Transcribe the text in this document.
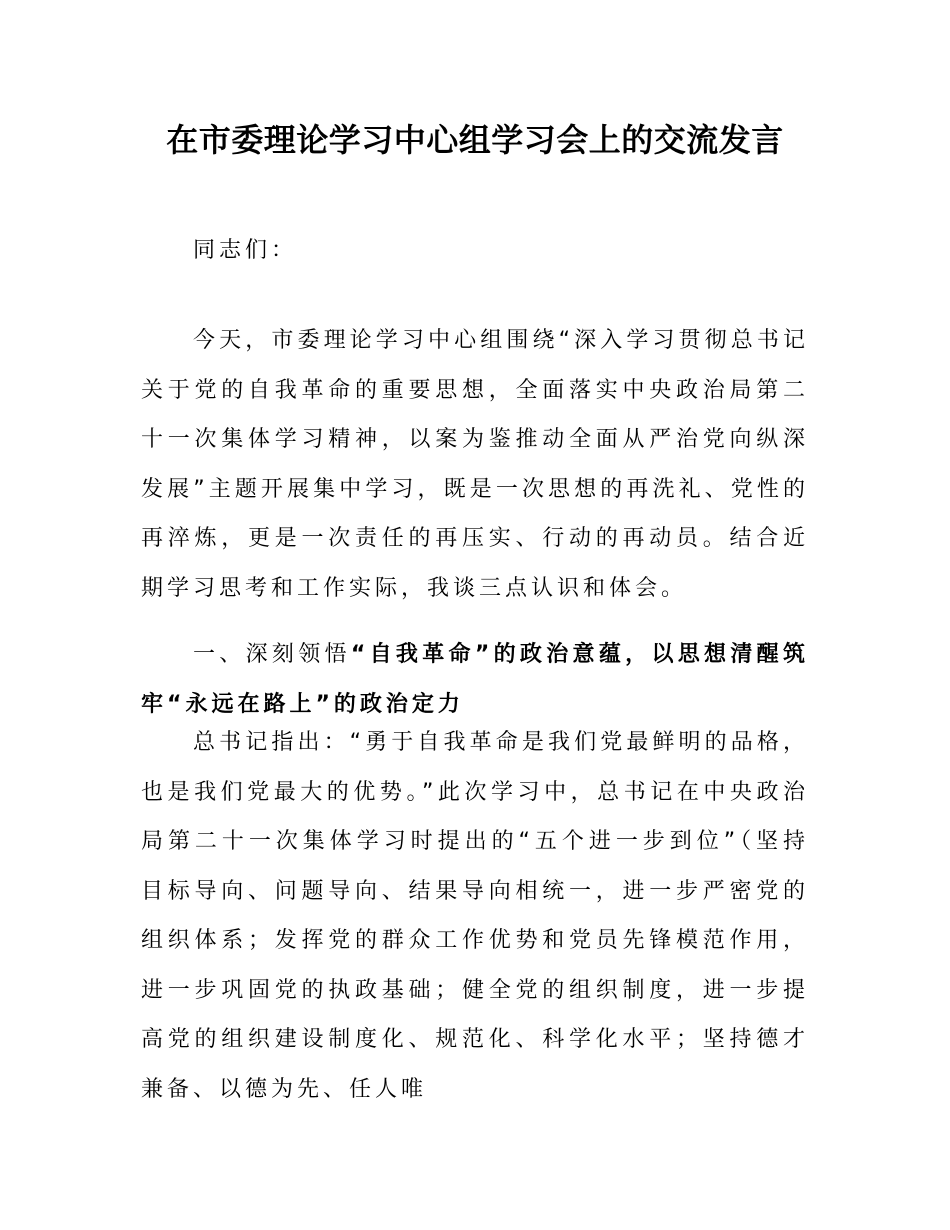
在市委理论学习中心组学习会上的交流发言

同志们：

今天，市委理论学习中心组围绕“深入学习贯彻总书记关于党的自我革命的重要思想，全面落实中央政治局第二十一次集体学习精神，以案为鉴推动全面从严治党向纵深发展”主题开展集中学习，既是一次思想的再洗礼、党性的再淬炼，更是一次责任的再压实、行动的再动员。结合近期学习思考和工作实际，我谈三点认识和体会。

一、深刻领悟“自我革命”的政治意蕴，以思想清醒筑牢“永远在路上”的政治定力

总书记指出：“勇于自我革命是我们党最鲜明的品格，也是我们党最大的优势。”此次学习中，总书记在中央政治局第二十一次集体学习时提出的“五个进一步到位”（坚持目标导向、问题导向、结果导向相统一，进一步严密党的组织体系；发挥党的群众工作优势和党员先锋模范作用，进一步巩固党的执政基础；健全党的组织制度，进一步提高党的组织建设制度化、规范化、科学化水平；坚持德才兼备、以德为先、任人唯
